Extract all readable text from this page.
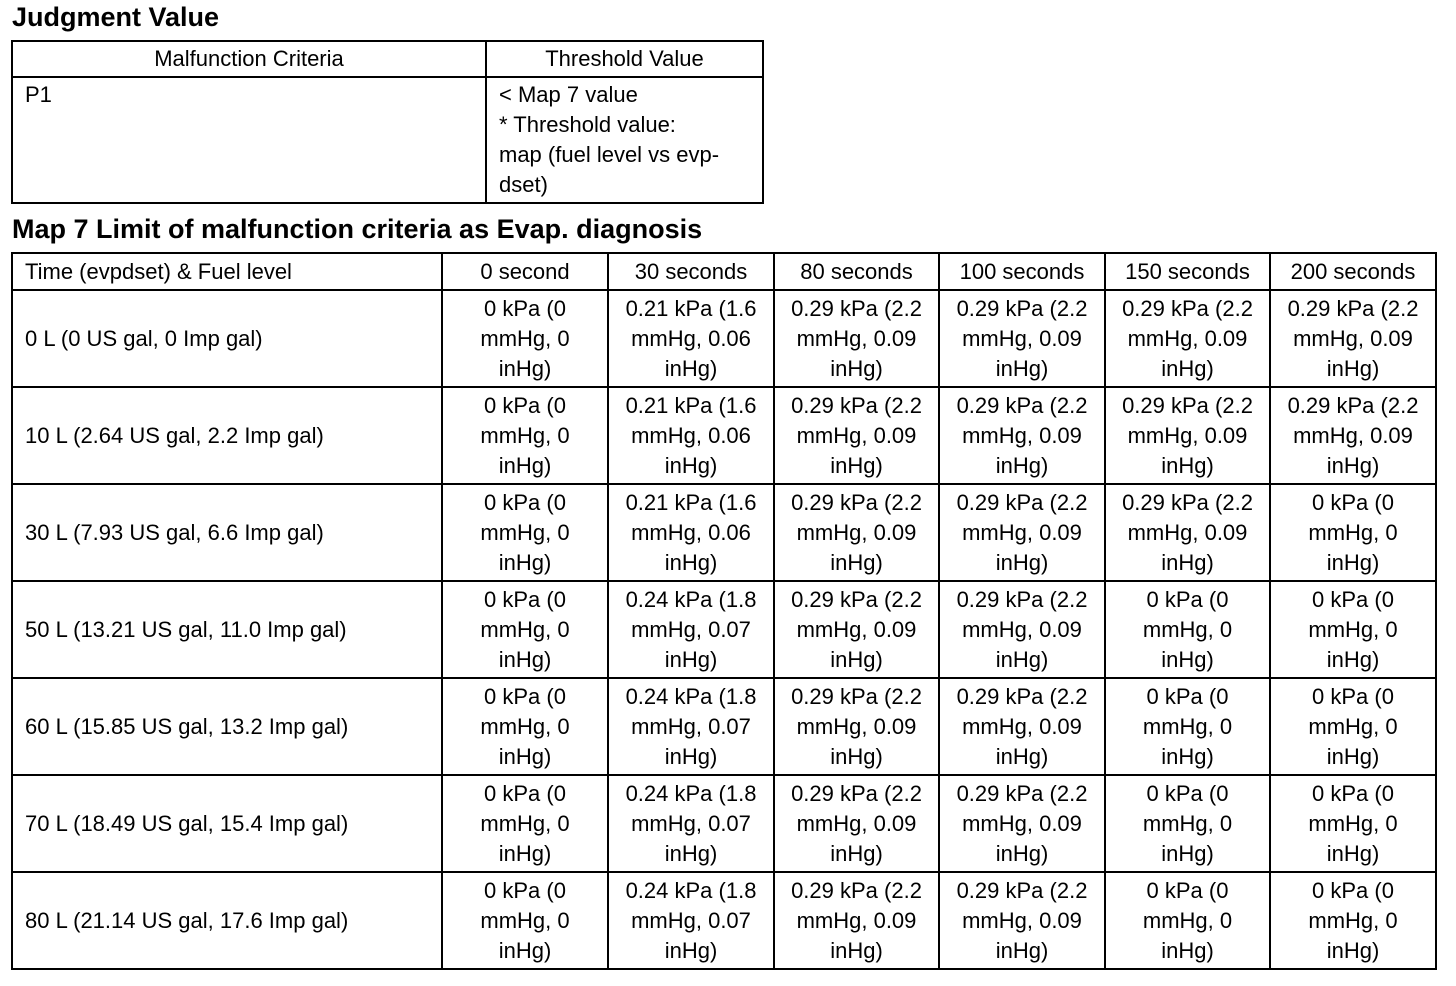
Judgment Value
Malfunction Criteria	Threshold Value
P1	< Map 7 value
* Threshold value:
map (fuel level vs evp-
dset)
Map 7 Limit of malfunction criteria as Evap. diagnosis
Time (evpdset) & Fuel level	0 second	30 seconds	80 seconds	100 seconds	150 seconds	200 seconds
0 L (0 US gal, 0 Imp gal)	0 kPa (0 mmHg, 0 inHg)	0.21 kPa (1.6 mmHg, 0.06 inHg)	0.29 kPa (2.2 mmHg, 0.09 inHg)	0.29 kPa (2.2 mmHg, 0.09 inHg)	0.29 kPa (2.2 mmHg, 0.09 inHg)	0.29 kPa (2.2 mmHg, 0.09 inHg)

10 L (2.64 US gal, 2.2 Imp gal)	0 kPa (0 mmHg, 0 inHg)	0.21 kPa (1.6 mmHg, 0.06 inHg)	0.29 kPa (2.2 mmHg, 0.09 inHg)	0.29 kPa (2.2 mmHg, 0.09 inHg)	0.29 kPa (2.2 mmHg, 0.09 inHg)	0.29 kPa (2.2 mmHg, 0.09 inHg)

30 L (7.93 US gal, 6.6 Imp gal)	0 kPa (0 mmHg, 0 inHg)	0.21 kPa (1.6 mmHg, 0.06 inHg)	0.29 kPa (2.2 mmHg, 0.09 inHg)	0.29 kPa (2.2 mmHg, 0.09 inHg)	0.29 kPa (2.2 mmHg, 0.09 inHg)	0 kPa (0 mmHg, 0 inHg)

50 L (13.21 US gal, 11.0 Imp gal)	0 kPa (0 mmHg, 0 inHg)	0.24 kPa (1.8 mmHg, 0.07 inHg)	0.29 kPa (2.2 mmHg, 0.09 inHg)	0.29 kPa (2.2 mmHg, 0.09 inHg)	0 kPa (0 mmHg, 0 inHg)	0 kPa (0 mmHg, 0 inHg)

60 L (15.85 US gal, 13.2 Imp gal)	0 kPa (0 mmHg, 0 inHg)	0.24 kPa (1.8 mmHg, 0.07 inHg)	0.29 kPa (2.2 mmHg, 0.09 inHg)	0.29 kPa (2.2 mmHg, 0.09 inHg)	0 kPa (0 mmHg, 0 inHg)	0 kPa (0 mmHg, 0 inHg)

70 L (18.49 US gal, 15.4 Imp gal)	0 kPa (0 mmHg, 0 inHg)	0.24 kPa (1.8 mmHg, 0.07 inHg)	0.29 kPa (2.2 mmHg, 0.09 inHg)	0.29 kPa (2.2 mmHg, 0.09 inHg)	0 kPa (0 mmHg, 0 inHg)	0 kPa (0 mmHg, 0 inHg)

80 L (21.14 US gal, 17.6 Imp gal)	0 kPa (0 mmHg, 0 inHg)	0.24 kPa (1.8 mmHg, 0.07 inHg)	0.29 kPa (2.2 mmHg, 0.09 inHg)	0.29 kPa (2.2 mmHg, 0.09 inHg)	0 kPa (0 mmHg, 0 inHg)	0 kPa (0 mmHg, 0 inHg)
